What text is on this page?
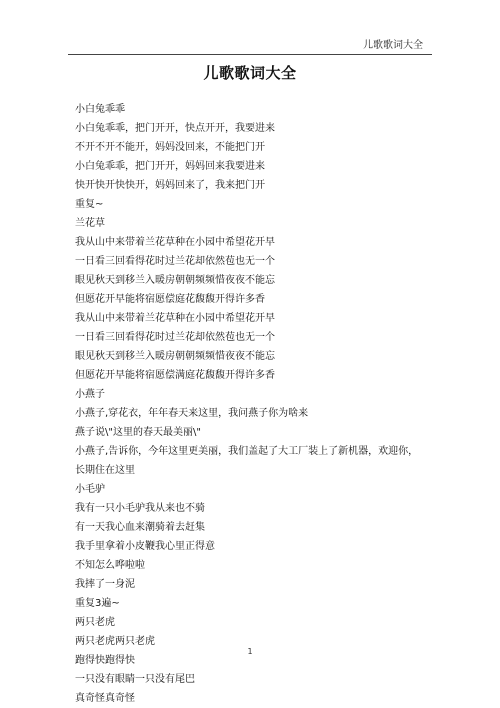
儿歌歌词大全
儿歌歌词大全
小白兔乖乖
小白兔乖乖，把门开开，快点开开，我要进来
不开不开不能开，妈妈没回来，不能把门开
小白兔乖乖，把门开开，妈妈回来我要进来
快开快开快快开，妈妈回来了，我来把门开
重复~
兰花草
我从山中来带着兰花草种在小园中希望花开早
一日看三回看得花时过兰花却依然苞也无一个
眼见秋天到移兰入暖房朝朝频频惜夜夜不能忘
但愿花开早能将宿愿偿庭花馥馥开得许多香
我从山中来带着兰花草种在小园中希望花开早
一日看三回看得花时过兰花却依然苞也无一个
眼见秋天到移兰入暖房朝朝频频惜夜夜不能忘
但愿花开早能将宿愿偿满庭花馥馥开得许多香
小燕子
小燕子,穿花衣，年年春天来这里，我问燕子你为啥来
燕子说\"这里的春天最美丽\"
小燕子,告诉你，今年这里更美丽，我们盖起了大工厂装上了新机器，欢迎你，
长期住在这里
小毛驴
我有一只小毛驴我从来也不骑
有一天我心血来潮骑着去赶集
我手里拿着小皮鞭我心里正得意
不知怎么哗啦啦
我摔了一身泥
重复3遍~
两只老虎
两只老虎两只老虎
跑得快跑得快
一只没有眼睛一只没有尾巴
真奇怪真奇怪
1
